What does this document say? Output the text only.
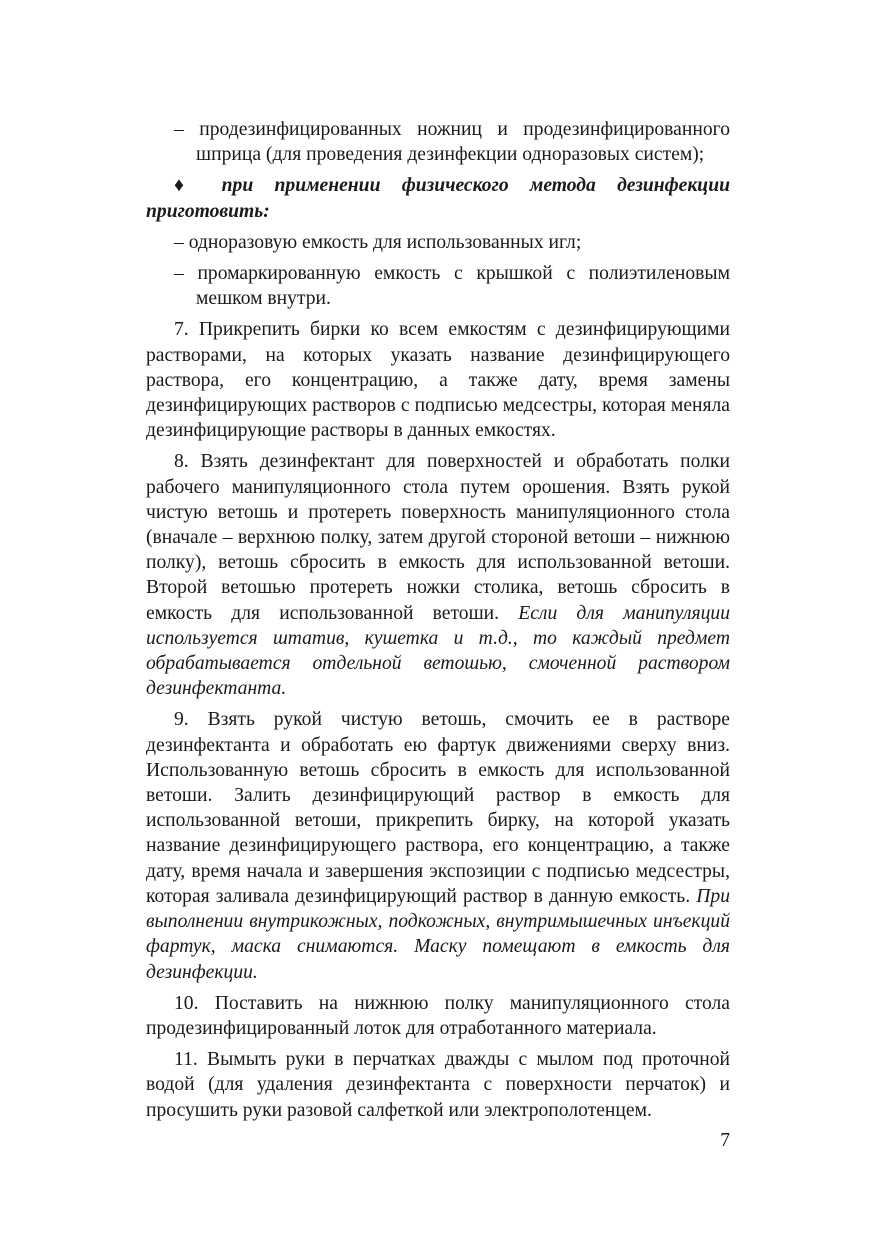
– продезинфицированных ножниц и продезинфицированного шприца (для проведения дезинфекции одноразовых систем);

♦ при применении физического метода дезинфекции приготовить:

– одноразовую емкость для использованных игл;

– промаркированную емкость с крышкой с полиэтиленовым мешком внутри.

7. Прикрепить бирки ко всем емкостям с дезинфицирующими растворами, на которых указать название дезинфицирующего раствора, его концентрацию, а также дату, время замены дезинфицирующих растворов с подписью медсестры, которая меняла дезинфицирующие растворы в данных емкостях.

8. Взять дезинфектант для поверхностей и обработать полки рабочего манипуляционного стола путем орошения. Взять рукой чистую ветошь и протереть поверхность манипуляционного стола (вначале – верхнюю полку, затем другой стороной ветоши – нижнюю полку), ветошь сбросить в емкость для использованной ветоши. Второй ветошью протереть ножки столика, ветошь сбросить в емкость для использованной ветоши. Если для манипуляции используется штатив, кушетка и т.д., то каждый предмет обрабатывается отдельной ветошью, смоченной раствором дезинфектанта.

9. Взять рукой чистую ветошь, смочить ее в растворе дезинфектанта и обработать ею фартук движениями сверху вниз. Использованную ветошь сбросить в емкость для использованной ветоши. Залить дезинфицирующий раствор в емкость для использованной ветоши, прикрепить бирку, на которой указать название дезинфицирующего раствора, его концентрацию, а также дату, время начала и завершения экспозиции с подписью медсестры, которая заливала дезинфицирующий раствор в данную емкость. При выполнении внутрикожных, подкожных, внутримышечных инъекций фартук, маска снимаются. Маску помещают в емкость для дезинфекции.

10. Поставить на нижнюю полку манипуляционного стола продезинфицированный лоток для отработанного материала.

11. Вымыть руки в перчатках дважды с мылом под проточной водой (для удаления дезинфектанта с поверхности перчаток) и просушить руки разовой салфеткой или электрополотенцем.

7
